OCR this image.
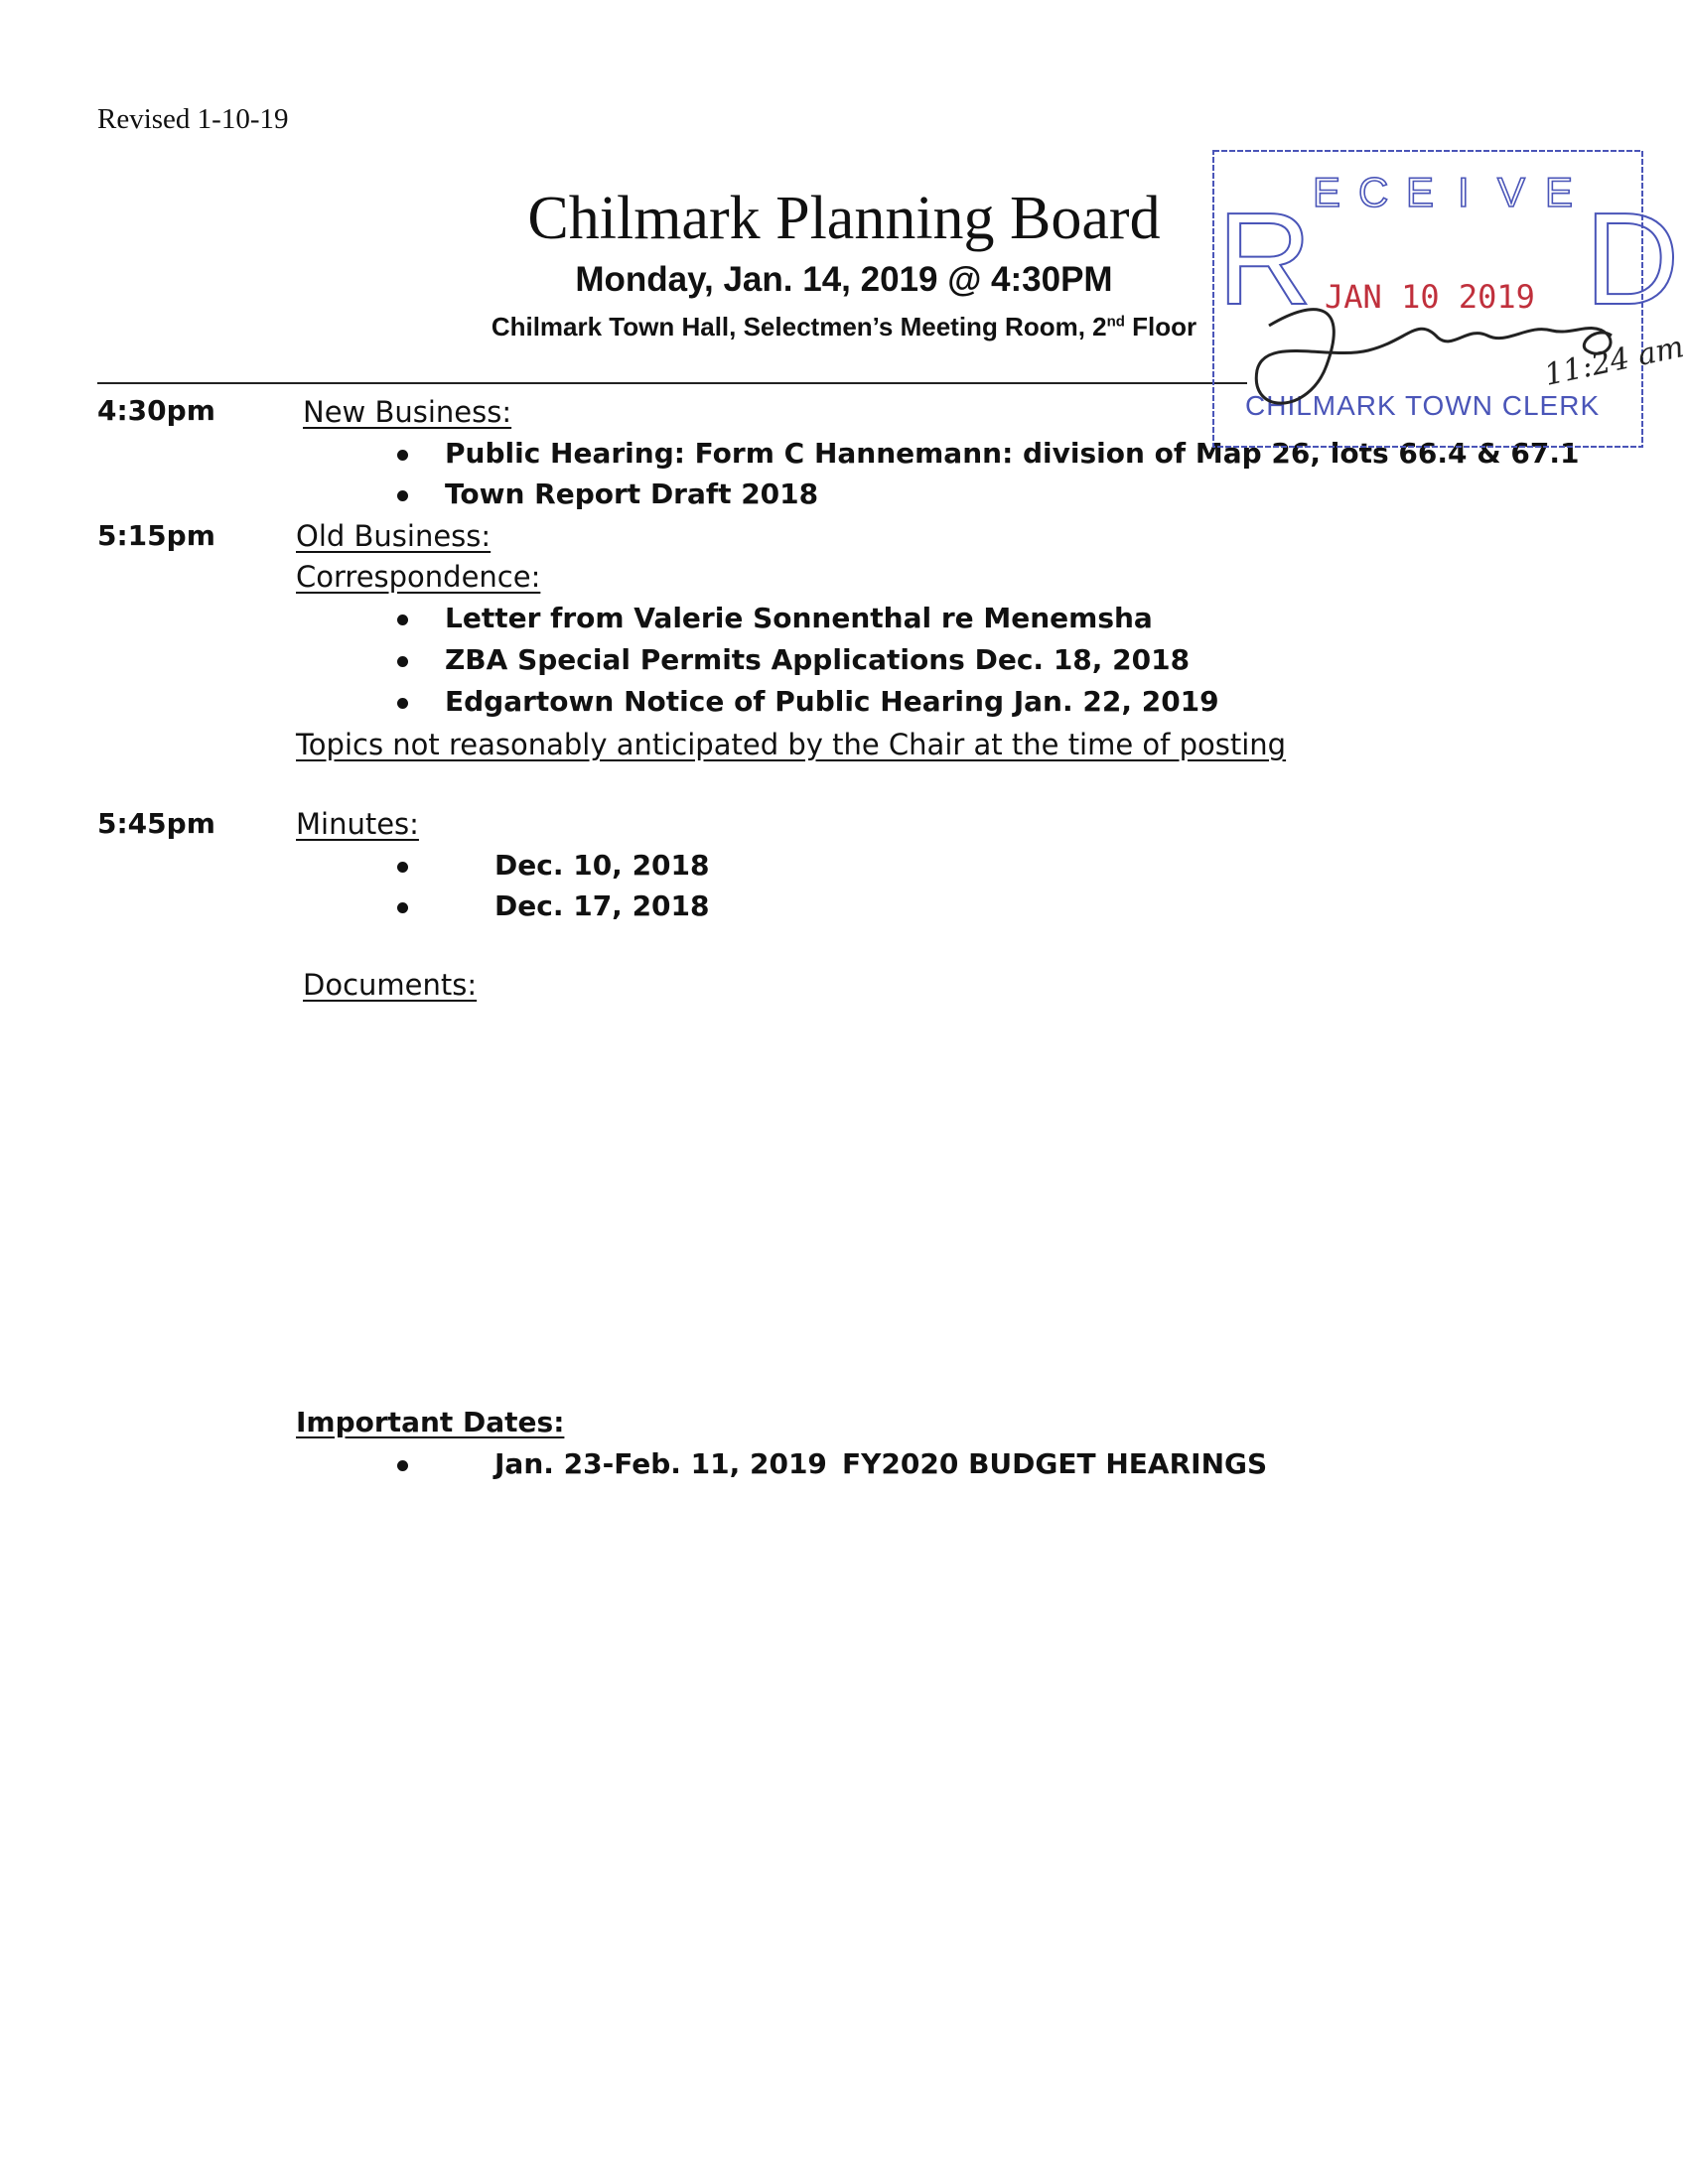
Revised 1-10-19
Chilmark Planning Board
Monday, Jan. 14, 2019 @ 4:30PM
Chilmark Town Hall, Selectmen’s Meeting Room, 2nd Floor
4:30pm	New Business:
Public Hearing: Form C Hannemann: division of Map 26, lots 66.4 & 67.1
Town Report Draft 2018
5:15pm	Old Business:
Correspondence:
Letter from Valerie Sonnenthal re Menemsha
ZBA Special Permits Applications Dec. 18, 2018
Edgartown Notice of Public Hearing Jan. 22, 2019
Topics not reasonably anticipated by the Chair at the time of posting
5:45pm	Minutes:
Dec. 10, 2018
Dec. 17, 2018
Documents:
Important Dates:
Jan. 23-Feb. 11, 2019 FY2020 BUDGET HEARINGS
R E C E I V E D
JAN 10 2019
CHILMARK TOWN CLERK
11:24 am
